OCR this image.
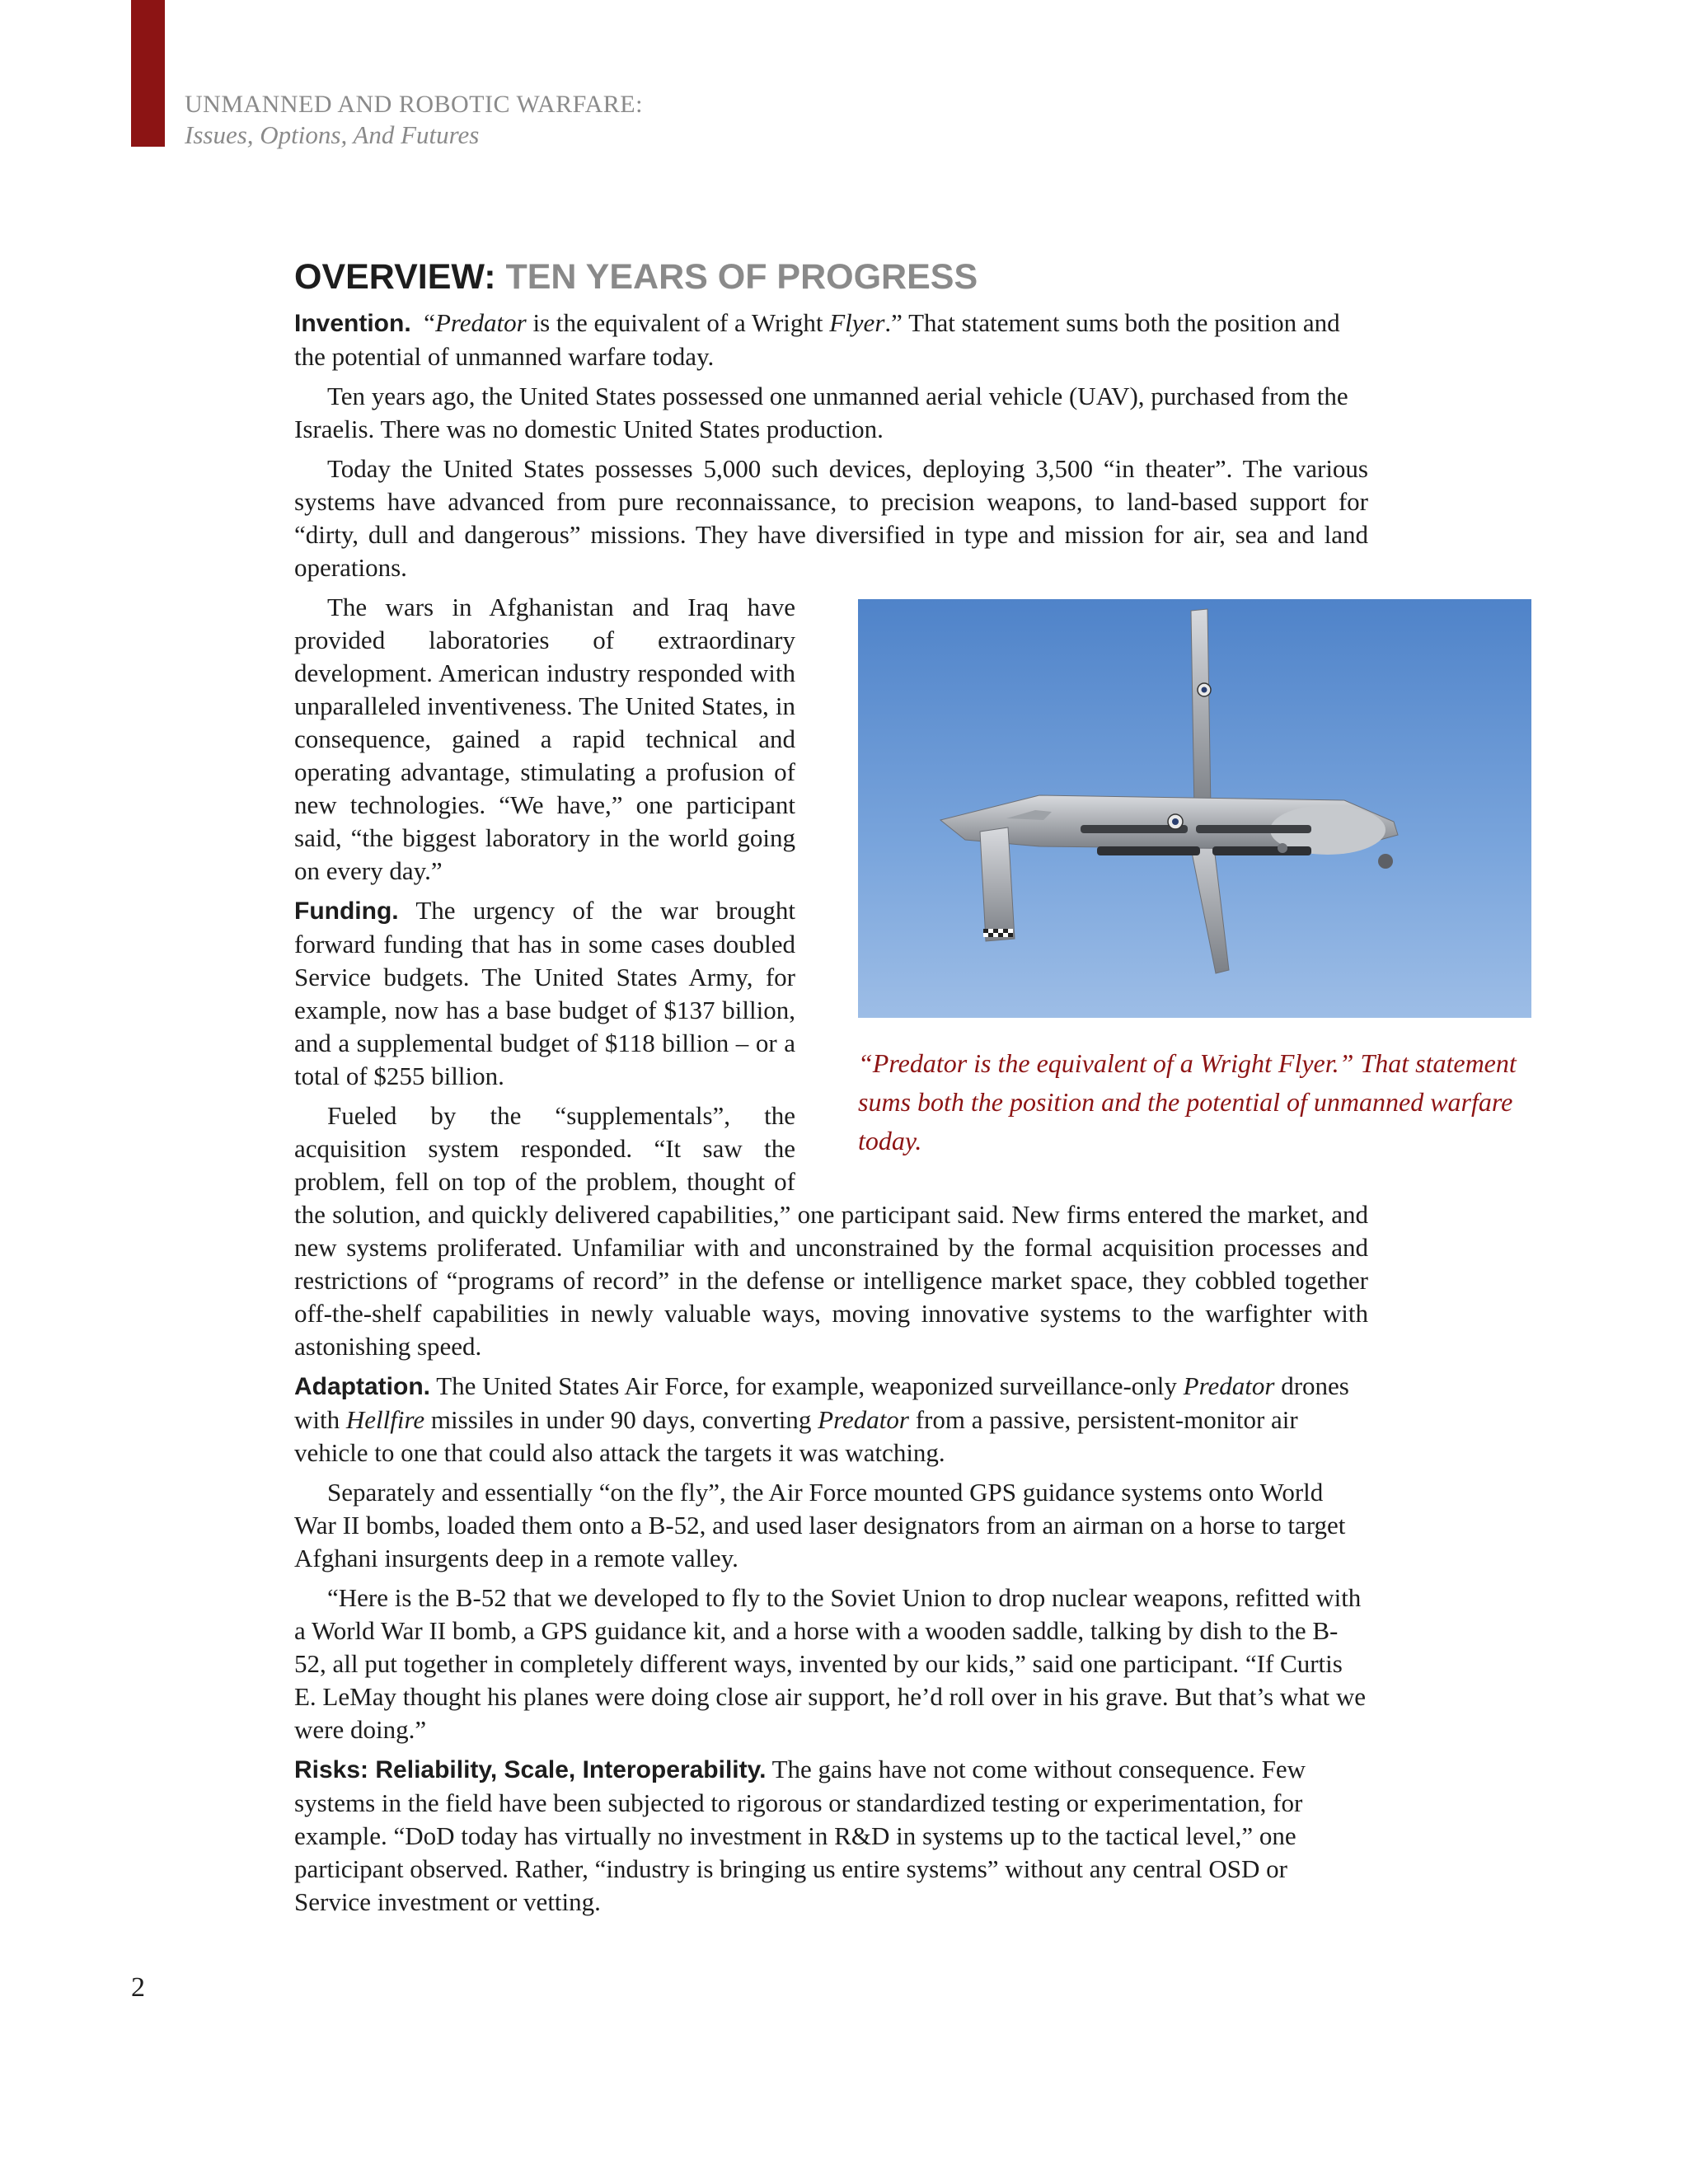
UNMANNED AND ROBOTIC WARFARE:
Issues, Options, And Futures
OVERVIEW: TEN YEARS OF PROGRESS

Invention. “Predator is the equivalent of a Wright Flyer.” That statement sums both the position and the potential of unmanned warfare today.

Ten years ago, the United States possessed one unmanned aerial vehicle (UAV), purchased from the Israelis. There was no domestic United States production.

Today the United States possesses 5,000 such devices, deploying 3,500 “in theater”. The various systems have advanced from pure reconnaissance, to precision weapons, to land-based support for “dirty, dull and dangerous” missions. They have diversified in type and mission for air, sea and land operations.

“Predator is the equivalent of a Wright Flyer.” That statement sums both the position and the potential of unmanned warfare today.

The wars in Afghanistan and Iraq have provided laboratories of extraordinary development. American industry responded with unparalleled inventiveness. The United States, in consequence, gained a rapid technical and operating advantage, stimulating a profusion of new technologies. “We have,” one participant said, “the biggest laboratory in the world going on every day.”

Funding. The urgency of the war brought forward funding that has in some cases doubled Service budgets. The United States Army, for example, now has a base budget of $137 billion, and a supplemental budget of $118 billion – or a total of $255 billion.

Fueled by the “supplementals”, the acquisition system responded. “It saw the problem, fell on top of the problem, thought of the solution, and quickly delivered capabilities,” one participant said. New firms entered the market, and new systems proliferated. Unfamiliar with and unconstrained by the formal acquisition processes and restrictions of “programs of record” in the defense or intelligence market space, they cobbled together off-the-shelf capabilities in newly valuable ways, moving innovative systems to the warfighter with astonishing speed.

Adaptation. The United States Air Force, for example, weaponized surveillance-only Predator drones with Hellfire missiles in under 90 days, converting Predator from a passive, persistent-monitor air vehicle to one that could also attack the targets it was watching.

Separately and essentially “on the fly”, the Air Force mounted GPS guidance systems onto World War II bombs, loaded them onto a B-52, and used laser designators from an airman on a horse to target Afghani insurgents deep in a remote valley.

“Here is the B-52 that we developed to fly to the Soviet Union to drop nuclear weapons, refitted with a World War II bomb, a GPS guidance kit, and a horse with a wooden saddle, talking by dish to the B-52, all put together in completely different ways, invented by our kids,” said one participant. “If Curtis E. LeMay thought his planes were doing close air support, he’d roll over in his grave. But that’s what we were doing.”

Risks: Reliability, Scale, Interoperability. The gains have not come without consequence. Few systems in the field have been subjected to rigorous or standardized testing or experimentation, for example. “DoD today has virtually no investment in R&D in systems up to the tactical level,” one participant observed. Rather, “industry is bringing us entire systems” without any central OSD or Service investment or vetting.

2
